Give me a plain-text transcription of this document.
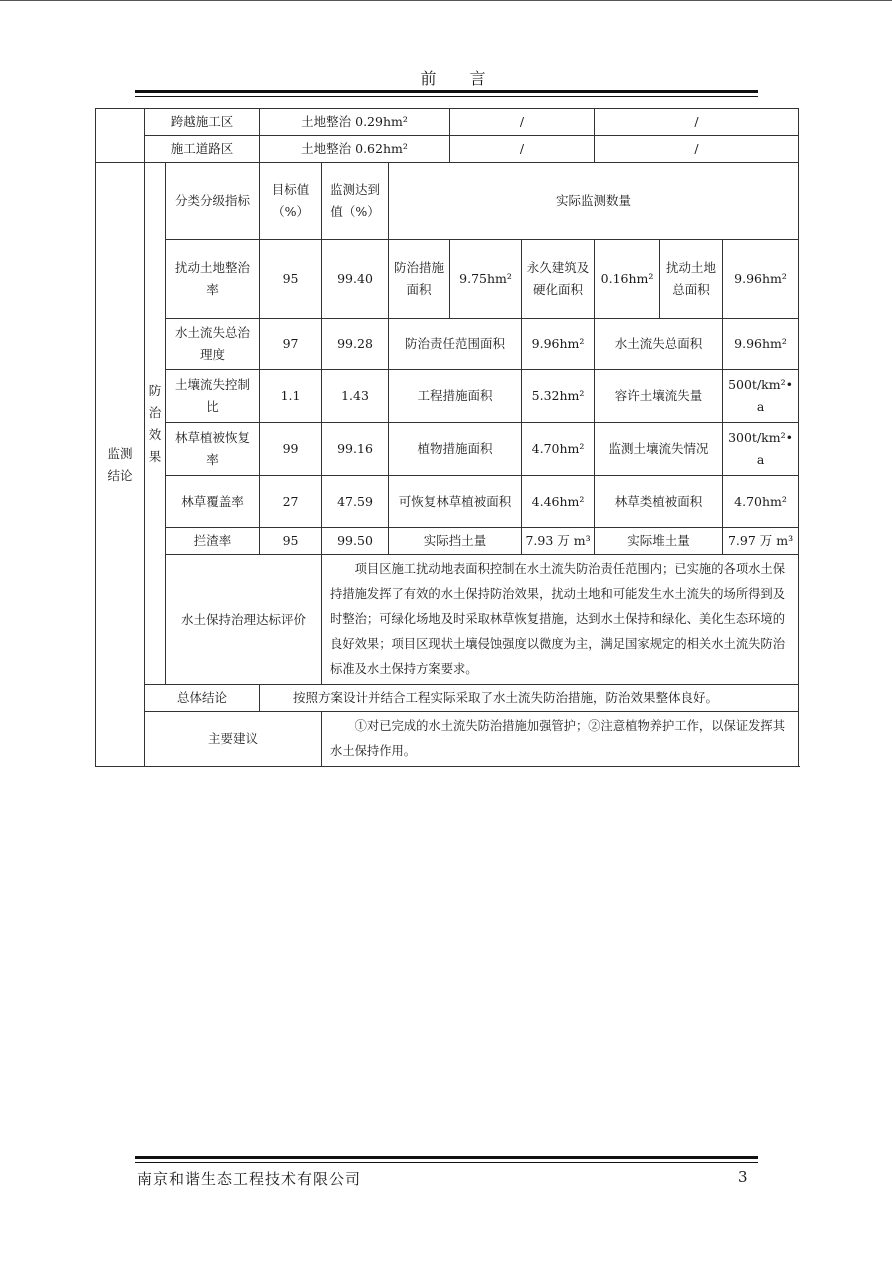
前 言
	跨越施工区		土地整治 0.29hm²			/		/		
	施工道路区		土地整治 0.62hm²			/		/		

监测结论	防治效果	分类分级指标	目标值（%）	监测达到值（%）	实际监测数量					
		扰动土地整治率	95	99.40	防治措施面积	9.75hm²	永久建筑及硬化面积	0.16hm²	扰动土地总面积	9.96hm²
		水土流失总治理度	97	99.28	防治责任范围面积		9.96hm²	水土流失总面积		9.96hm²
		土壤流失控制比	1.1	1.43	工程措施面积		5.32hm²	容许土壤流失量		500t/km²•a
		林草植被恢复率	99	99.16	植物措施面积		4.70hm²	监测土壤流失情况		300t/km²•a
		林草覆盖率	27	47.59	可恢复林草植被面积		4.46hm²	林草类植被面积		4.70hm²
		拦渣率	95	99.50	实际挡土量		7.93 万 m³	实际堆土量		7.97 万 m³
		水土保持治理达标评价		项目区施工扰动地表面积控制在水土流失防治责任范围内；已实施的各项水土保持措施发挥了有效的水土保持防治效果，扰动土地和可能发生水土流失的场所得到及时整治；可绿化场地及时采取林草恢复措施，达到水土保持和绿化、美化生态环境的良好效果；项目区现状土壤侵蚀强度以微度为主，满足国家规定的相关水土流失防治标准及水土保持方案要求。						
	总体结论		按照方案设计并结合工程实际采取了水土流失防治措施，防治效果整体良好。							
	主要建议			①对已完成的水土流失防治措施加强管护；②注意植物养护工作，以保证发挥其水土保持作用。						
南京和谐生态工程技术有限公司	3
